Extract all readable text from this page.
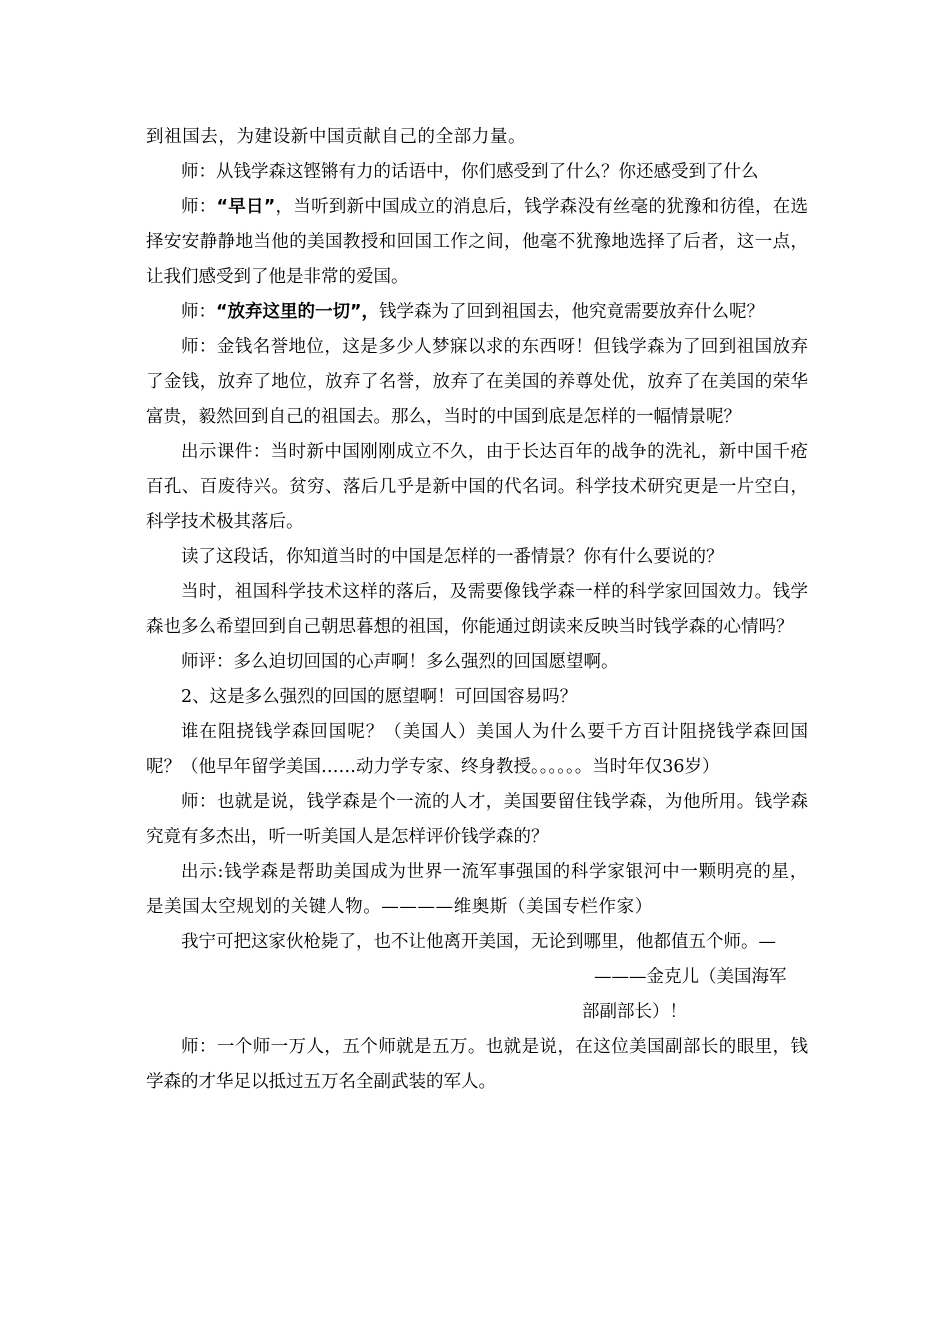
到祖国去，为建设新中国贡献自己的全部力量。

师：从钱学森这铿锵有力的话语中，你们感受到了什么？你还感受到了什么

师：“早日”，当听到新中国成立的消息后，钱学森没有丝毫的犹豫和彷徨，在选择安安静静地当他的美国教授和回国工作之间，他毫不犹豫地选择了后者，这一点，让我们感受到了他是非常的爱国。

师：“放弃这里的一切”，钱学森为了回到祖国去，他究竟需要放弃什么呢？

师：金钱名誉地位，这是多少人梦寐以求的东西呀！但钱学森为了回到祖国放弃了金钱，放弃了地位，放弃了名誉，放弃了在美国的养尊处优，放弃了在美国的荣华富贵，毅然回到自己的祖国去。那么，当时的中国到底是怎样的一幅情景呢？

出示课件：当时新中国刚刚成立不久，由于长达百年的战争的洗礼，新中国千疮百孔、百废待兴。贫穷、落后几乎是新中国的代名词。科学技术研究更是一片空白，科学技术极其落后。

读了这段话，你知道当时的中国是怎样的一番情景？你有什么要说的？

当时，祖国科学技术这样的落后，及需要像钱学森一样的科学家回国效力。钱学森也多么希望回到自己朝思暮想的祖国，你能通过朗读来反映当时钱学森的心情吗？

师评：多么迫切回国的心声啊！多么强烈的回国愿望啊。

2、这是多么强烈的回国的愿望啊！可回国容易吗？

谁在阻挠钱学森回国呢？（美国人）美国人为什么要千方百计阻挠钱学森回国呢？（他早年留学美国……动力学专家、终身教授。。。。。。当时年仅36岁）

师：也就是说，钱学森是个一流的人才，美国要留住钱学森，为他所用。钱学森究竟有多杰出，听一听美国人是怎样评价钱学森的？

出示:钱学森是帮助美国成为世界一流军事强国的科学家银河中一颗明亮的星，是美国太空规划的关键人物。————维奥斯（美国专栏作家）

我宁可把这家伙枪毙了，也不让他离开美国，无论到哪里，他都值五个师。—

———金克儿（美国海军

部副部长）！

师：一个师一万人，五个师就是五万。也就是说，在这位美国副部长的眼里，钱学森的才华足以抵过五万名全副武装的军人。
